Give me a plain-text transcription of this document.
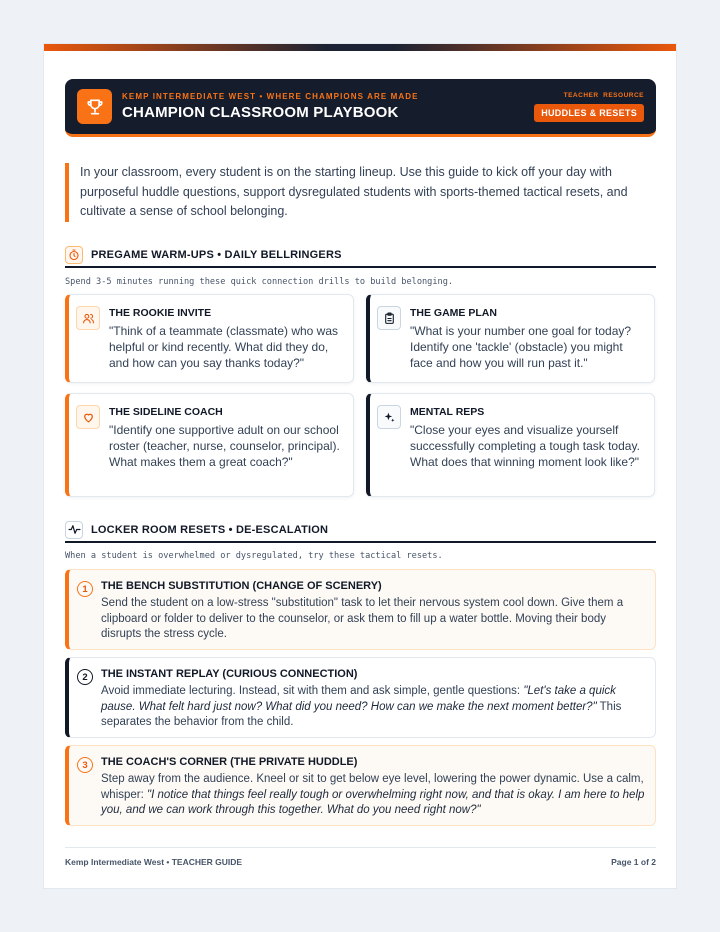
KEMP INTERMEDIATE WEST • WHERE CHAMPIONS ARE MADE
CHAMPION CLASSROOM PLAYBOOK
TEACHER  RESOURCE
HUDDLES & RESETS
In your classroom, every student is on the starting lineup. Use this guide to kick off your day with purposeful huddle questions, support dysregulated students with sports-themed tactical resets, and cultivate a sense of school belonging.
PREGAME WARM-UPS • DAILY BELLRINGERS
Spend 3-5 minutes running these quick connection drills to build belonging.
THE ROOKIE INVITE
"Think of a teammate (classmate) who was helpful or kind recently. What did they do, and how can you say thanks today?"
THE GAME PLAN
"What is your number one goal for today? Identify one 'tackle' (obstacle) you might face and how you will run past it."
THE SIDELINE COACH
"Identify one supportive adult on our school roster (teacher, nurse, counselor, principal). What makes them a great coach?"
MENTAL REPS
"Close your eyes and visualize yourself successfully completing a tough task today. What does that winning moment look like?"
LOCKER ROOM RESETS • DE-ESCALATION
When a student is overwhelmed or dysregulated, try these tactical resets.
1	THE BENCH SUBSTITUTION (CHANGE OF SCENERY)
Send the student on a low-stress "substitution" task to let their nervous system cool down. Give them a clipboard or folder to deliver to the counselor, or ask them to fill up a water bottle. Moving their body disrupts the stress cycle.
2	THE INSTANT REPLAY (CURIOUS CONNECTION)
Avoid immediate lecturing. Instead, sit with them and ask simple, gentle questions: "Let's take a quick pause. What felt hard just now? What did you need? How can we make the next moment better?" This separates the behavior from the child.
3	THE COACH'S CORNER (THE PRIVATE HUDDLE)
Step away from the audience. Kneel or sit to get below eye level, lowering the power dynamic. Use a calm, whisper: "I notice that things feel really tough or overwhelming right now, and that is okay. I am here to help you, and we can work through this together. What do you need right now?"
Kemp Intermediate West • TEACHER GUIDE	Page 1 of 2
